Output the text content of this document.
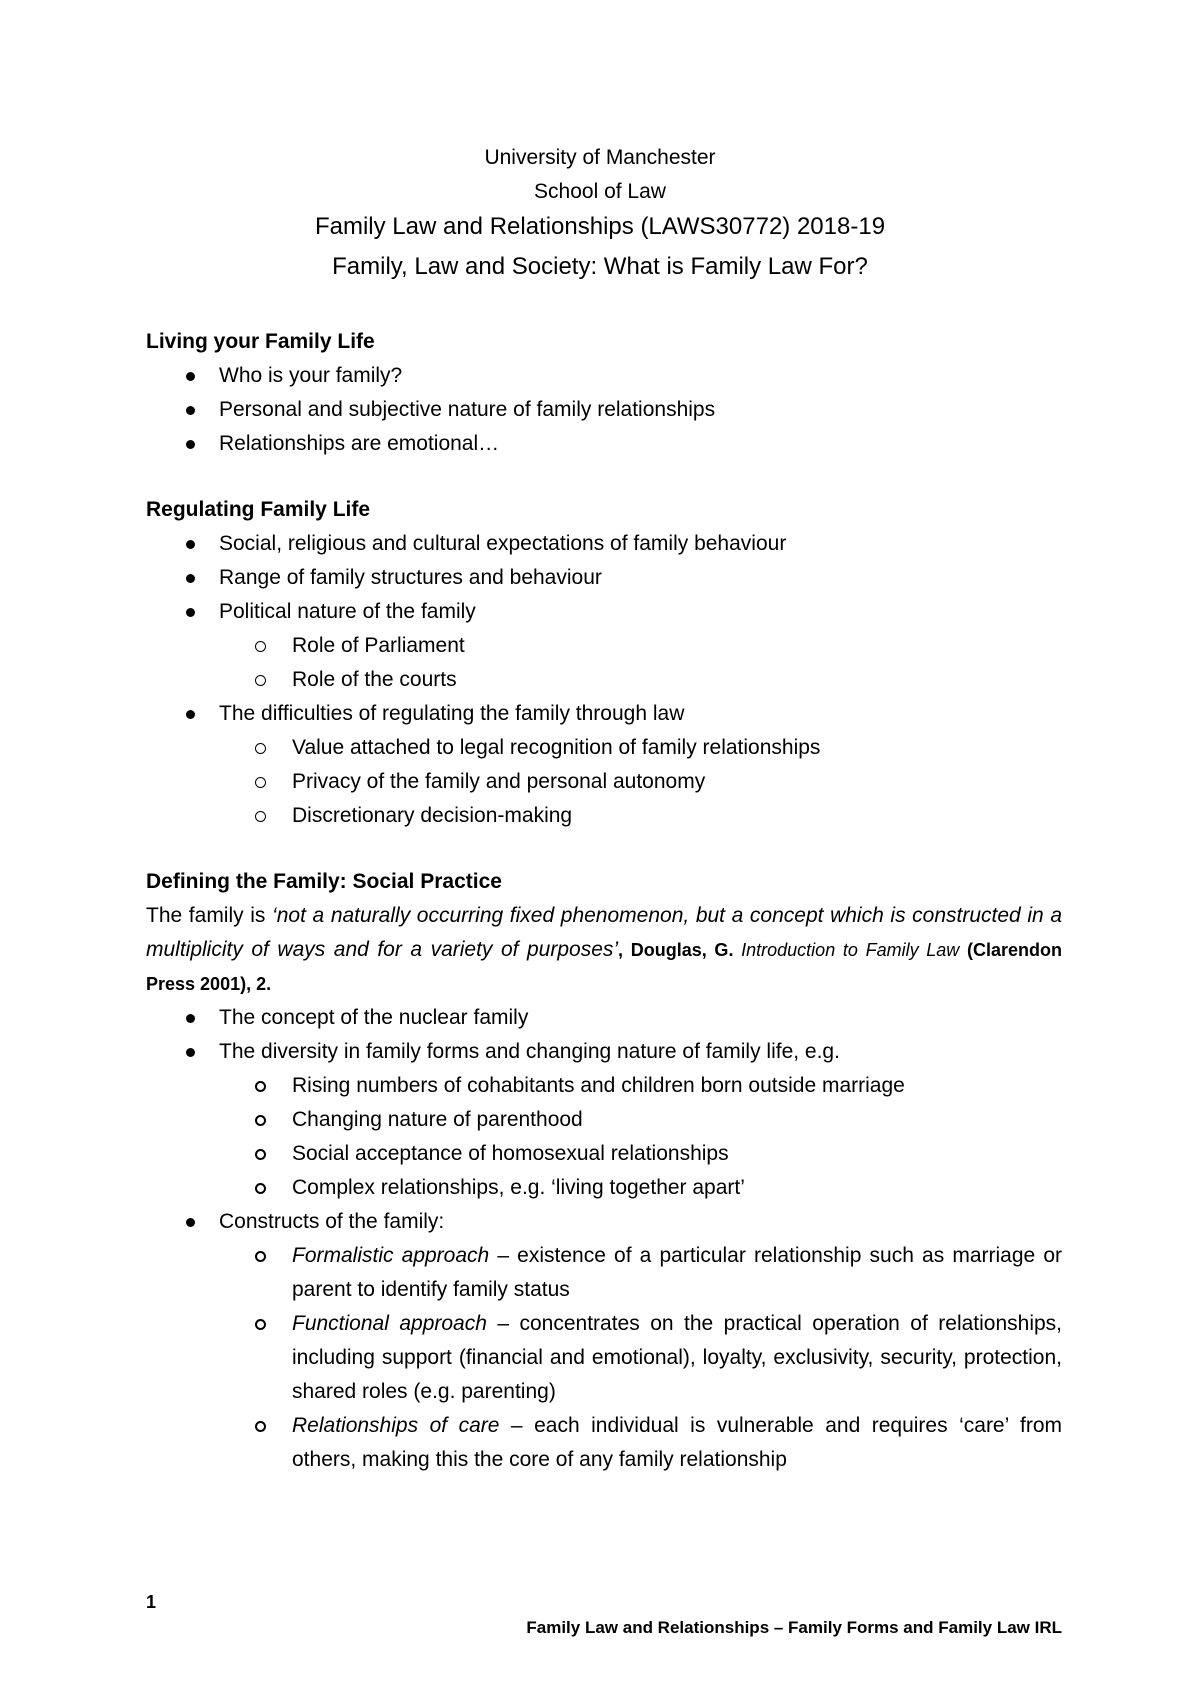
University of Manchester
School of Law
Family Law and Relationships (LAWS30772) 2018-19
Family, Law and Society: What is Family Law For?
Living your Family Life
Who is your family?
Personal and subjective nature of family relationships
Relationships are emotional…
Regulating Family Life
Social, religious and cultural expectations of family behaviour
Range of family structures and behaviour
Political nature of the family
Role of Parliament
Role of the courts
The difficulties of regulating the family through law
Value attached to legal recognition of family relationships
Privacy of the family and personal autonomy
Discretionary decision-making
Defining the Family: Social Practice
The family is ‘not a naturally occurring fixed phenomenon, but a concept which is constructed in a multiplicity of ways and for a variety of purposes’, Douglas, G. Introduction to Family Law (Clarendon Press 2001), 2.
The concept of the nuclear family
The diversity in family forms and changing nature of family life, e.g.
Rising numbers of cohabitants and children born outside marriage
Changing nature of parenthood
Social acceptance of homosexual relationships
Complex relationships, e.g. ‘living together apart’
Constructs of the family:
Formalistic approach – existence of a particular relationship such as marriage or parent to identify family status
Functional approach – concentrates on the practical operation of relationships, including support (financial and emotional), loyalty, exclusivity, security, protection, shared roles (e.g. parenting)
Relationships of care – each individual is vulnerable and requires ‘care’ from others, making this the core of any family relationship
1
Family Law and Relationships – Family Forms and Family Law IRL
